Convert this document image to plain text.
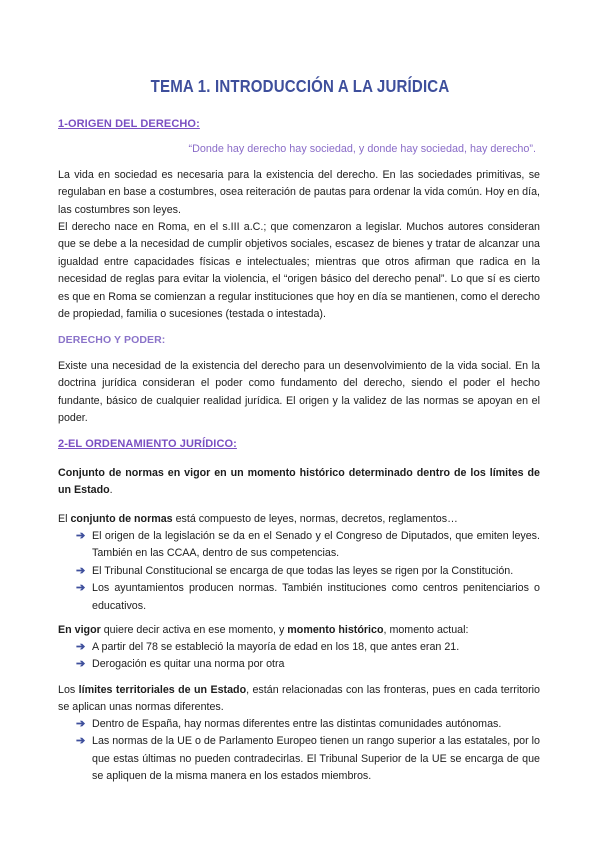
TEMA 1. INTRODUCCIÓN A LA JURÍDICA
1-ORIGEN DEL DERECHO:
“Donde hay derecho hay sociedad, y donde hay sociedad, hay derecho”.
La vida en sociedad es necesaria para la existencia del derecho. En las sociedades primitivas, se regulaban en base a costumbres, osea reiteración de pautas para ordenar la vida común. Hoy en día, las costumbres son leyes.
El derecho nace en Roma, en el s.III a.C.; que comenzaron a legislar. Muchos autores consideran que se debe a la necesidad de cumplir objetivos sociales, escasez de bienes y tratar de alcanzar una igualdad entre capacidades físicas e intelectuales; mientras que otros afirman que radica en la necesidad de reglas para evitar la violencia, el “origen básico del derecho penal”. Lo que sí es cierto es que en Roma se comienzan a regular instituciones que hoy en día se mantienen, como el derecho de propiedad, familia o sucesiones (testada o intestada).
DERECHO Y PODER:
Existe una necesidad de la existencia del derecho para un desenvolvimiento de la vida social. En la doctrina jurídica consideran el poder como fundamento del derecho, siendo el poder el hecho fundante, básico de cualquier realidad jurídica. El origen y la validez de las normas se apoyan en el poder.
2-EL ORDENAMIENTO JURÍDICO:
Conjunto de normas en vigor en un momento histórico determinado dentro de los límites de un Estado.
El conjunto de normas está compuesto de leyes, normas, decretos, reglamentos…
➔ El origen de la legislación se da en el Senado y el Congreso de Diputados, que emiten leyes. También en las CCAA, dentro de sus competencias.
➔ El Tribunal Constitucional se encarga de que todas las leyes se rigen por la Constitución.
➔ Los ayuntamientos producen normas. También instituciones como centros penitenciarios o educativos.
En vigor quiere decir activa en ese momento, y momento histórico, momento actual:
➔ A partir del 78 se estableció la mayoría de edad en los 18, que antes eran 21.
➔ Derogación es quitar una norma por otra
Los límites territoriales de un Estado, están relacionadas con las fronteras, pues en cada territorio se aplican unas normas diferentes.
➔ Dentro de España, hay normas diferentes entre las distintas comunidades autónomas.
➔ Las normas de la UE o de Parlamento Europeo tienen un rango superior a las estatales, por lo que estas últimas no pueden contradecirlas. El Tribunal Superior de la UE se encarga de que se apliquen de la misma manera en los estados miembros.
